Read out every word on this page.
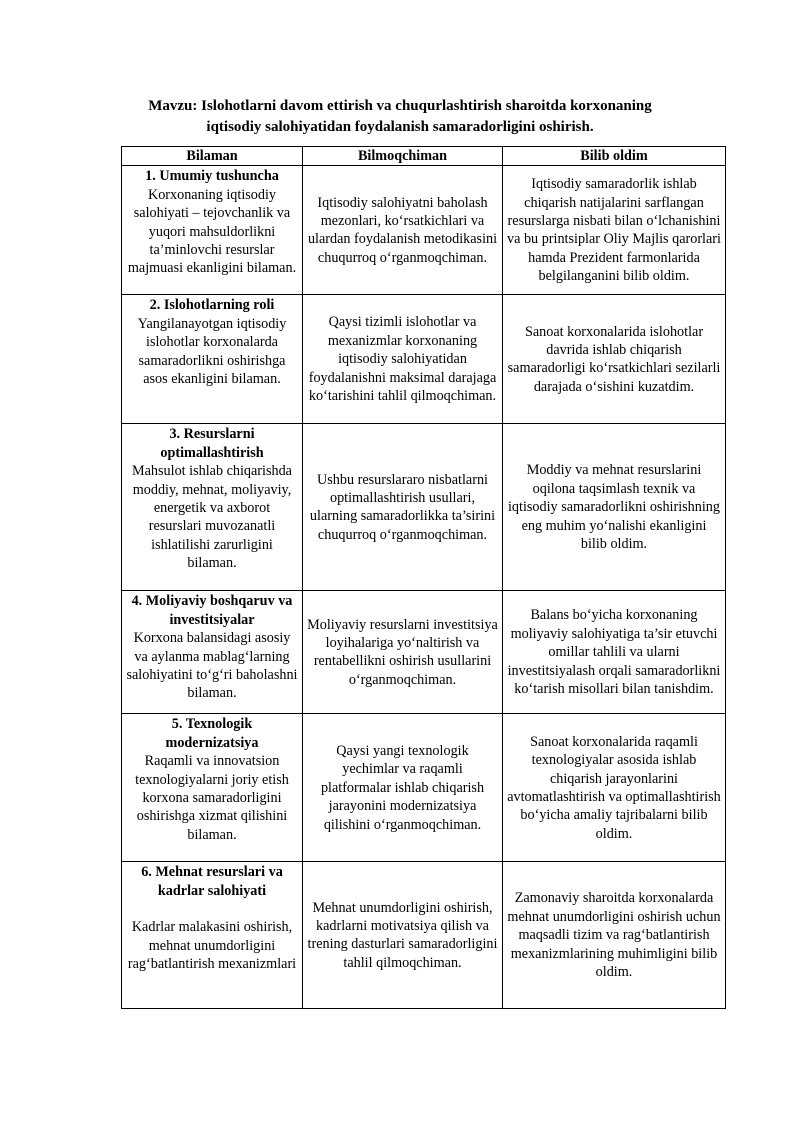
Mavzu: Islohotlarni davom ettirish va chuqurlashtirish sharoitda korxonaning
iqtisodiy salohiyatidan foydalanish samaradorligini oshirish.
Bilaman	Bilmoqchiman	Bilib oldim

1. Umumiy tushuncha
Korxonaning iqtisodiy salohiyati – tejovchanlik va yuqori mahsuldorlikni ta’minlovchi resurslar majmuasi ekanligini bilaman.	Iqtisodiy salohiyatni baholash mezonlari, ko‘rsatkichlari va ulardan foydalanish metodikasini chuqurroq o‘rganmoqchiman.	Iqtisodiy samaradorlik ishlab chiqarish natijalarini sarflangan resurslarga nisbati bilan o‘lchanishini va bu printsiplar Oliy Majlis qarorlari hamda Prezident farmonlarida belgilanganini bilib oldim.

2. Islohotlarning roli
Yangilanayotgan iqtisodiy islohotlar korxonalarda samaradorlikni oshirishga asos ekanligini bilaman.	Qaysi tizimli islohotlar va mexanizmlar korxonaning iqtisodiy salohiyatidan foydalanishni maksimal darajaga ko‘tarishini tahlil qilmoqchiman.	Sanoat korxonalarida islohotlar davrida ishlab chiqarish samaradorligi ko‘rsatkichlari sezilarli darajada o‘sishini kuzatdim.

3. Resurslarni optimallashtirish
Mahsulot ishlab chiqarishda moddiy, mehnat, moliyaviy, energetik va axborot resurslari muvozanatli ishlatilishi zarurligini bilaman.	Ushbu resurslararo nisbatlarni optimallashtirish usullari, ularning samaradorlikka ta’sirini chuqurroq o‘rganmoqchiman.	Moddiy va mehnat resurslarini oqilona taqsimlash texnik va iqtisodiy samaradorlikni oshirishning eng muhim yo‘nalishi ekanligini bilib oldim.

4. Moliyaviy boshqaruv va investitsiyalar
Korxona balansidagi asosiy va aylanma mablag‘larning salohiyatini to‘g‘ri baholashni bilaman.	Moliyaviy resurslarni investitsiya loyihalariga yo‘naltirish va rentabellikni oshirish usullarini o‘rganmoqchiman.	Balans bo‘yicha korxonaning moliyaviy salohiyatiga ta’sir etuvchi omillar tahlili va ularni investitsiyalash orqali samaradorlikni ko‘tarish misollari bilan tanishdim.

5. Texnologik modernizatsiya
Raqamli va innovatsion texnologiyalarni joriy etish korxona samaradorligini oshirishga xizmat qilishini bilaman.	Qaysi yangi texnologik yechimlar va raqamli platformalar ishlab chiqarish jarayonini modernizatsiya qilishini o‘rganmoqchiman.	Sanoat korxonalarida raqamli texnologiyalar asosida ishlab chiqarish jarayonlarini avtomatlashtirish va optimallashtirish bo‘yicha amaliy tajribalarni bilib oldim.

6. Mehnat resurslari va kadrlar salohiyati
Kadrlar malakasini oshirish, mehnat unumdorligini rag‘batlantirish mexanizmlari	Mehnat unumdorligini oshirish, kadrlarni motivatsiya qilish va trening dasturlari samaradorligini tahlil qilmoqchiman.	Zamonaviy sharoitda korxonalarda mehnat unumdorligini oshirish uchun maqsadli tizim va rag‘batlantirish mexanizmlarining muhimligini bilib oldim.
